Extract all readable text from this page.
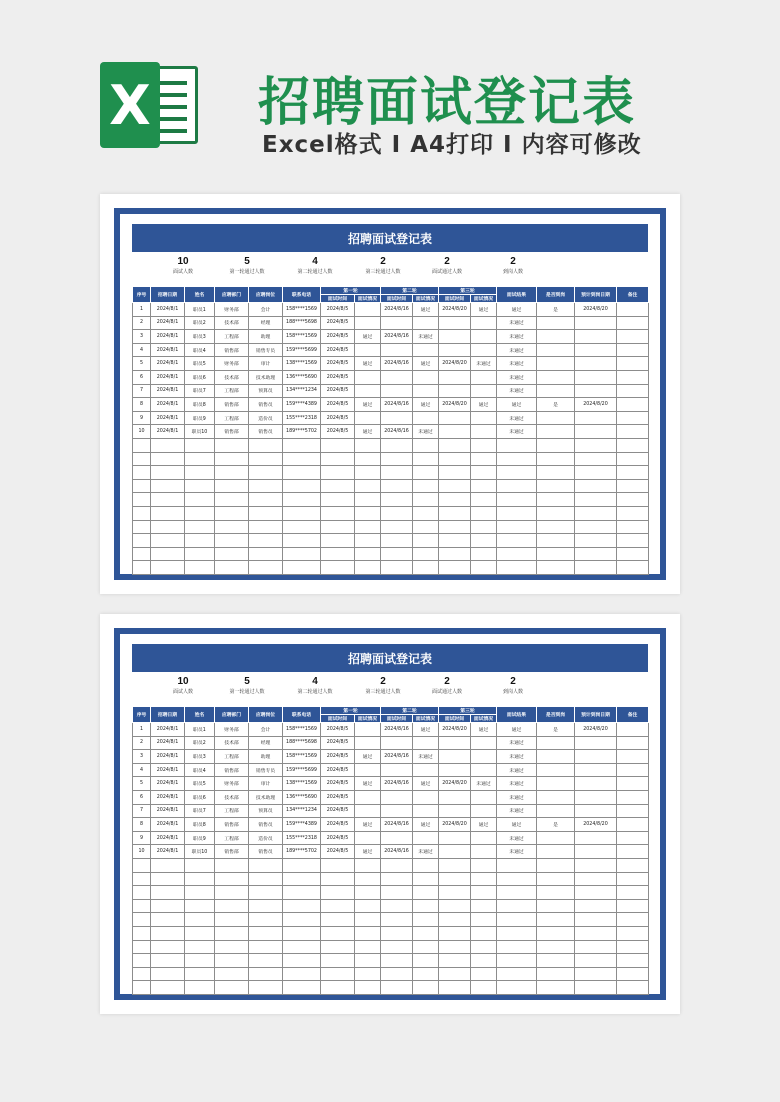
X 招聘面试登记表
Excel格式 I A4打印 I 内容可修改
招聘面试登记表
10
面试人数
5
第一轮通过人数
4
第二轮通过人数
2
第三轮通过人数
2
面试通过人数
2
到岗人数
序号	招聘日期	姓名	应聘部门	应聘岗位	联系电话	第一轮		第二轮		第三轮		面试结果	是否到岗	预计到岗日期	备注
						面试时间	面试情况	面试时间	面试情况	面试时间	面试情况				
1	2024/8/1	职员1	财务部	会计	158****1569	2024/8/5		2024/8/16	通过	2024/8/20	通过	通过	是	2024/8/20	
2	2024/8/1	职员2	技术部	经理	188****5698	2024/8/5						未通过			
3	2024/8/1	职员3	工程部	助理	158****1569	2024/8/5	通过	2024/8/16	未通过			未通过			
4	2024/8/1	职员4	销售部	销售专员	159****5699	2024/8/5						未通过			
5	2024/8/1	职员5	财务部	审计	138****1569	2024/8/5	通过	2024/8/16	通过	2024/8/20	未通过	未通过			
6	2024/8/1	职员6	技术部	技术助理	136****5690	2024/8/5						未通过			
7	2024/8/1	职员7	工程部	预算员	134****1234	2024/8/5						未通过			
8	2024/8/1	职员8	销售部	销售员	159****4389	2024/8/5	通过	2024/8/16	通过	2024/8/20	通过	通过	是	2024/8/20	
9	2024/8/1	职员9	工程部	造价员	155****2318	2024/8/5						未通过			
10	2024/8/1	职员10	销售部	销售员	189****5702	2024/8/5	通过	2024/8/16	未通过			未通过			

招聘面试登记表
10
面试人数
5
第一轮通过人数
4
第二轮通过人数
2
第三轮通过人数
2
面试通过人数
2
到岗人数
序号	招聘日期	姓名	应聘部门	应聘岗位	联系电话	第一轮		第二轮		第三轮		面试结果	是否到岗	预计到岗日期	备注
						面试时间	面试情况	面试时间	面试情况	面试时间	面试情况				
1	2024/8/1	职员1	财务部	会计	158****1569	2024/8/5		2024/8/16	通过	2024/8/20	通过	通过	是	2024/8/20	
2	2024/8/1	职员2	技术部	经理	188****5698	2024/8/5						未通过			
3	2024/8/1	职员3	工程部	助理	158****1569	2024/8/5	通过	2024/8/16	未通过			未通过			
4	2024/8/1	职员4	销售部	销售专员	159****5699	2024/8/5						未通过			
5	2024/8/1	职员5	财务部	审计	138****1569	2024/8/5	通过	2024/8/16	通过	2024/8/20	未通过	未通过			
6	2024/8/1	职员6	技术部	技术助理	136****5690	2024/8/5						未通过			
7	2024/8/1	职员7	工程部	预算员	134****1234	2024/8/5						未通过			
8	2024/8/1	职员8	销售部	销售员	159****4389	2024/8/5	通过	2024/8/16	通过	2024/8/20	通过	通过	是	2024/8/20	
9	2024/8/1	职员9	工程部	造价员	155****2318	2024/8/5						未通过			
10	2024/8/1	职员10	销售部	销售员	189****5702	2024/8/5	通过	2024/8/16	未通过			未通过			
